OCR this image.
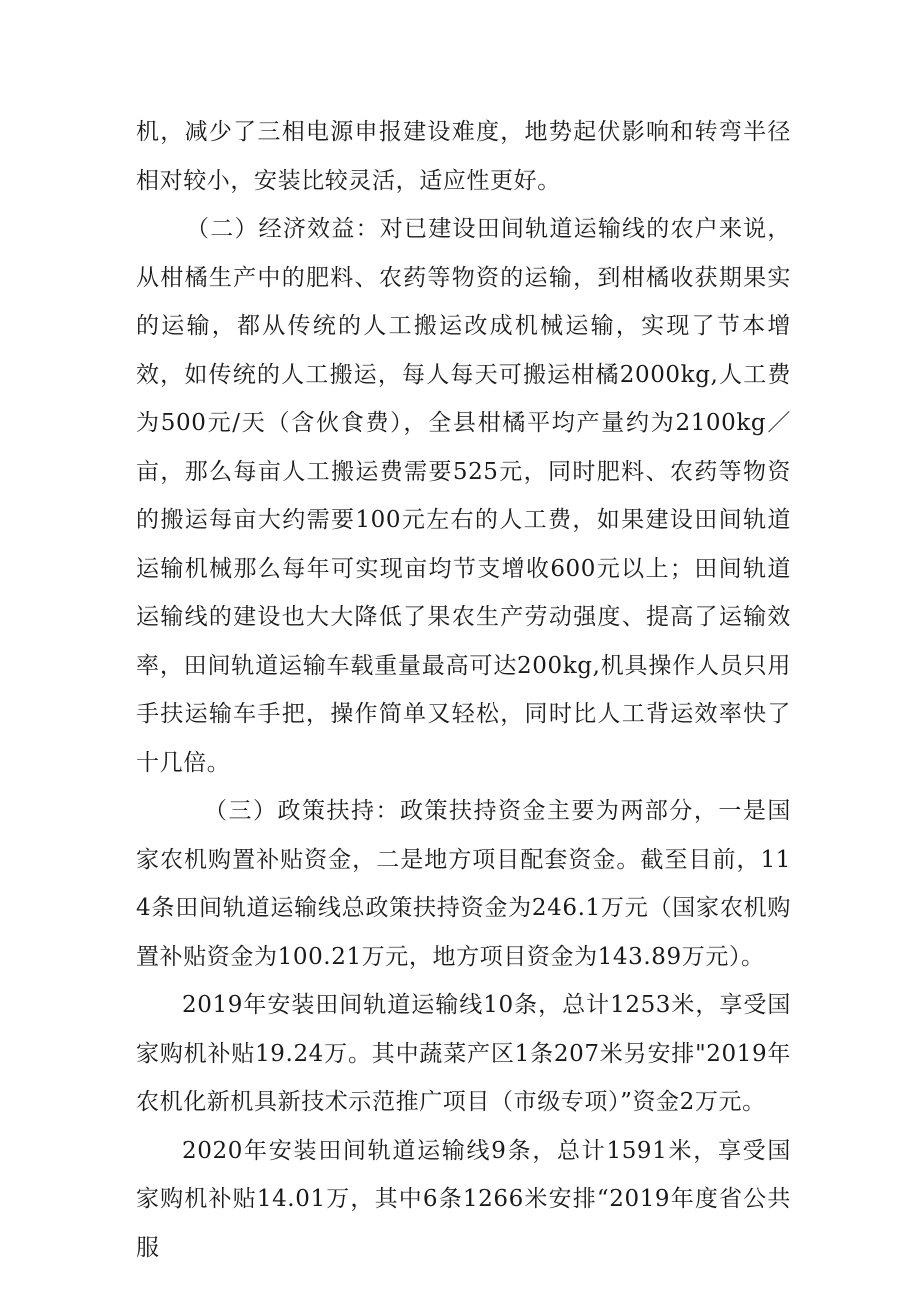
机，减少了三相电源申报建设难度，地势起伏影响和转弯半径相对较小，安装比较灵活，适应性更好。

（二）经济效益：对已建设田间轨道运输线的农户来说，从柑橘生产中的肥料、农药等物资的运输，到柑橘收获期果实的运输，都从传统的人工搬运改成机械运输，实现了节本增效，如传统的人工搬运，每人每天可搬运柑橘2000kg,人工费为500元/天（含伙食费），全县柑橘平均产量约为2100kg／亩，那么每亩人工搬运费需要525元，同时肥料、农药等物资的搬运每亩大约需要100元左右的人工费，如果建设田间轨道运输机械那么每年可实现亩均节支增收600元以上；田间轨道运输线的建设也大大降低了果农生产劳动强度、提高了运输效率，田间轨道运输车载重量最高可达200kg,机具操作人员只用手扶运输车手把，操作简单又轻松，同时比人工背运效率快了十几倍。

（三）政策扶持：政策扶持资金主要为两部分，一是国家农机购置补贴资金，二是地方项目配套资金。截至目前，114条田间轨道运输线总政策扶持资金为246.1万元（国家农机购置补贴资金为100.21万元，地方项目资金为143.89万元）。

2019年安装田间轨道运输线10条，总计1253米，享受国家购机补贴19.24万。其中蔬菜产区1条207米另安排"2019年农机化新机具新技术示范推广项目（市级专项）”资金2万元。

2020年安装田间轨道运输线9条，总计1591米，享受国家购机补贴14.01万，其中6条1266米安排“2019年度省公共服
